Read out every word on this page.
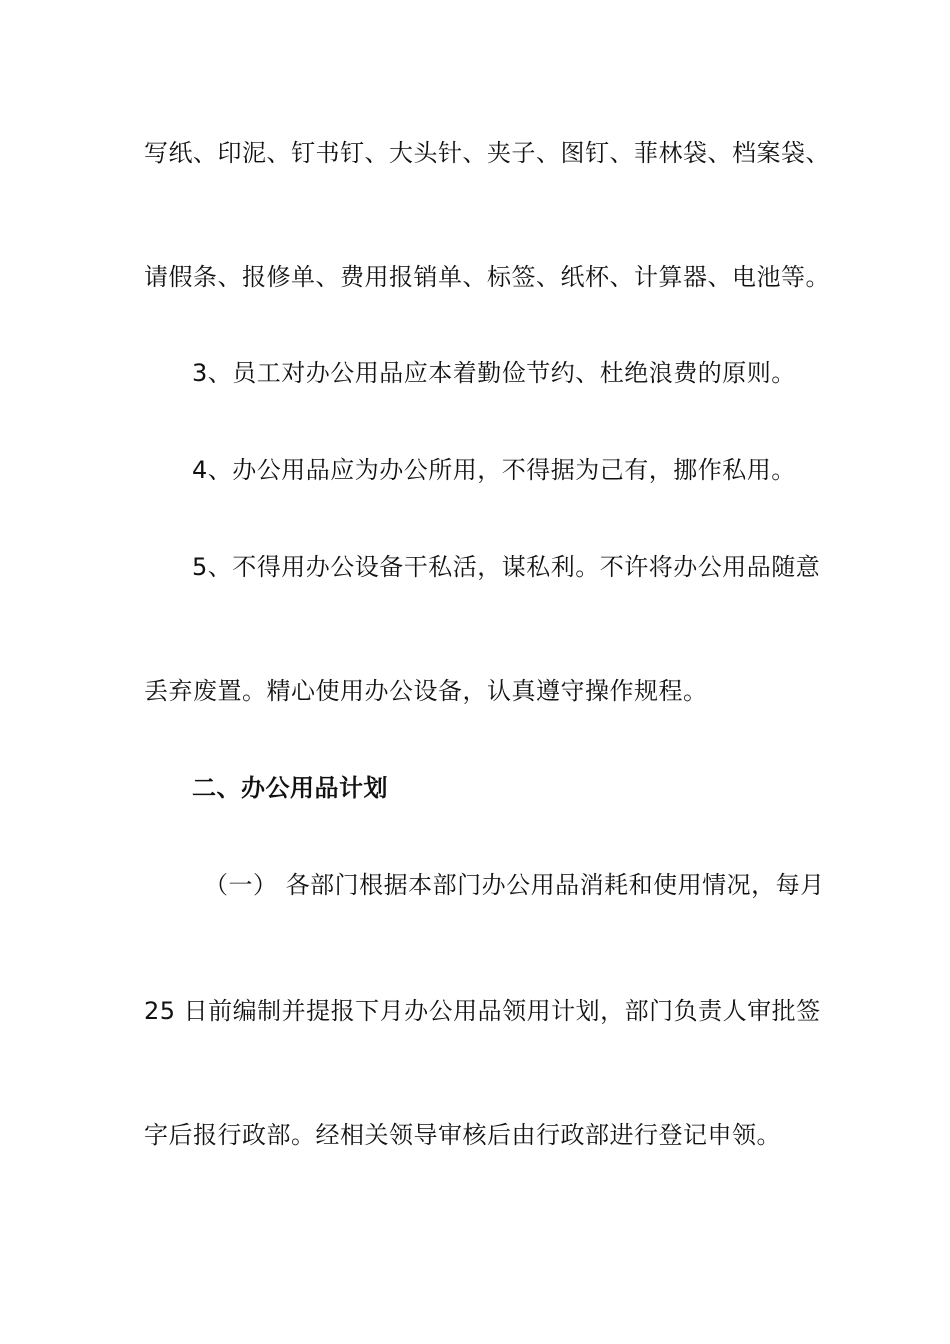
写纸、印泥、钉书钉、大头针、夹子、图钉、菲林袋、档案袋、
请假条、报修单、费用报销单、标签、纸杯、计算器、电池等。
3、员工对办公用品应本着勤俭节约、杜绝浪费的原则。
4、办公用品应为办公所用，不得据为己有，挪作私用。
5、不得用办公设备干私活，谋私利。不许将办公用品随意
丢弃废置。精心使用办公设备，认真遵守操作规程。
二、办公用品计划
（一） 各部门根据本部门办公用品消耗和使用情况，每月
25 日前编制并提报下月办公用品领用计划，部门负责人审批签
字后报行政部。经相关领导审核后由行政部进行登记申领。
